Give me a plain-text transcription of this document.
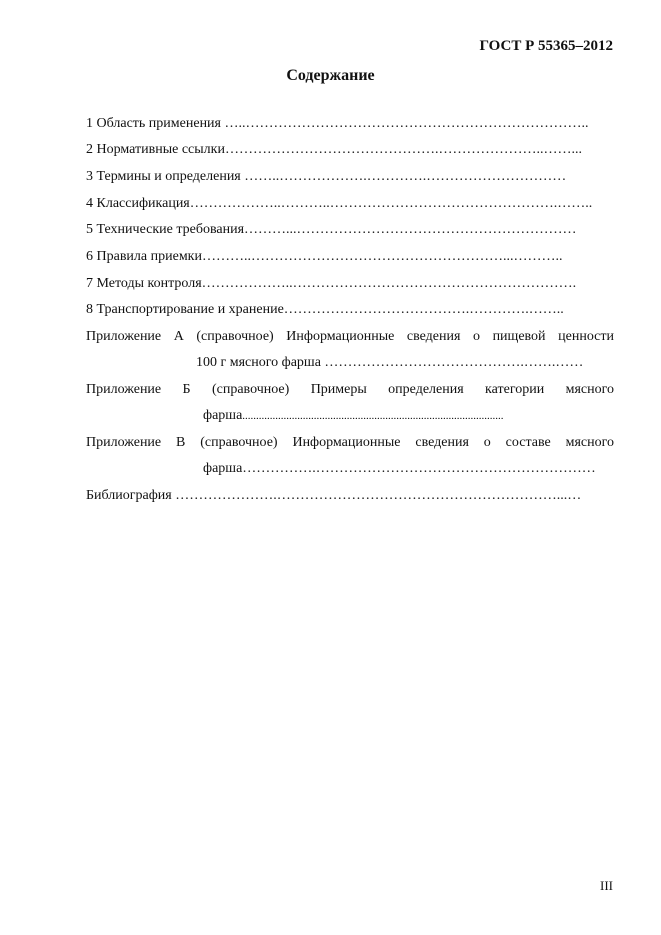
ГОСТ Р 55365–2012
Содержание
1 Область применения …..………………………………………………………………..
2 Нормативные ссылки……………………………………….…………………..……...
3 Термины и определения ……..……………….………….…………………………
4 Классификация………………..………..………………………………………….……..
5 Технические требования………...……………………………………………………
6 Правила приемки………..………………………………………………...………..
7 Методы контроля………………..…………………………………………………….
8 Транспортирование и хранение………………………………….………….……..
Приложение А (справочное) Информационные сведения о пищевой ценности
100 г мясного фарша …………………………………….…….……
Приложение Б (справочное) Примеры определения категории мясного
фарша...............................................................................................
Приложение В (справочное) Информационные сведения о составе мясного
фарша…………….……………………………………………………
Библиография ………………….……………………………………………………...…
III
